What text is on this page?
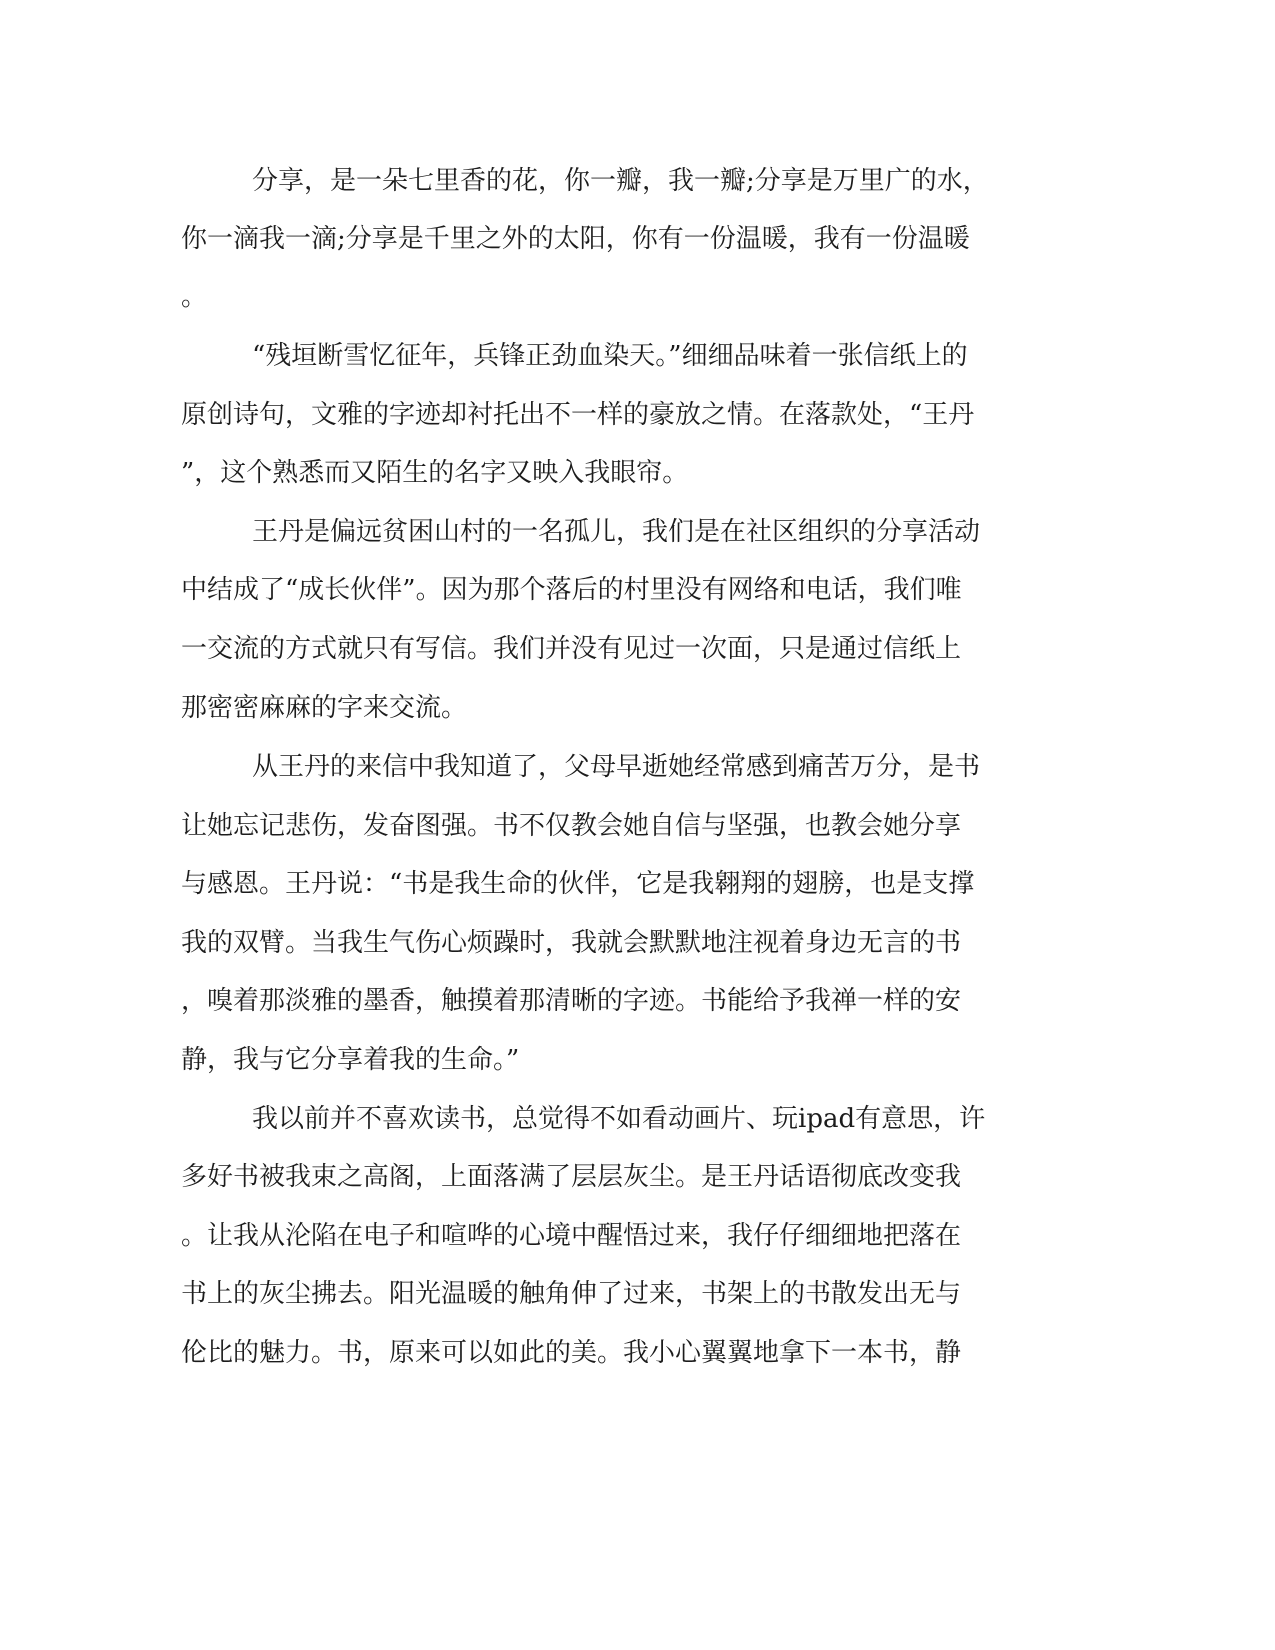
分享，是一朵七里香的花，你一瓣，我一瓣;分享是万里广的水，
你一滴我一滴;分享是千里之外的太阳，你有一份温暖，我有一份温暖
。
“残垣断雪忆征年，兵锋正劲血染天。”细细品味着一张信纸上的
原创诗句，文雅的字迹却衬托出不一样的豪放之情。在落款处，“王丹
”，这个熟悉而又陌生的名字又映入我眼帘。
王丹是偏远贫困山村的一名孤儿，我们是在社区组织的分享活动
中结成了“成长伙伴”。因为那个落后的村里没有网络和电话，我们唯
一交流的方式就只有写信。我们并没有见过一次面，只是通过信纸上
那密密麻麻的字来交流。
从王丹的来信中我知道了，父母早逝她经常感到痛苦万分，是书
让她忘记悲伤，发奋图强。书不仅教会她自信与坚强，也教会她分享
与感恩。王丹说：“书是我生命的伙伴，它是我翱翔的翅膀，也是支撑
我的双臂。当我生气伤心烦躁时，我就会默默地注视着身边无言的书
，嗅着那淡雅的墨香，触摸着那清晰的字迹。书能给予我禅一样的安
静，我与它分享着我的生命。”
我以前并不喜欢读书，总觉得不如看动画片、玩ipad有意思，许
多好书被我束之高阁，上面落满了层层灰尘。是王丹话语彻底改变我
。让我从沦陷在电子和喧哗的心境中醒悟过来，我仔仔细细地把落在
书上的灰尘拂去。阳光温暖的触角伸了过来，书架上的书散发出无与
伦比的魅力。书，原来可以如此的美。我小心翼翼地拿下一本书，静
